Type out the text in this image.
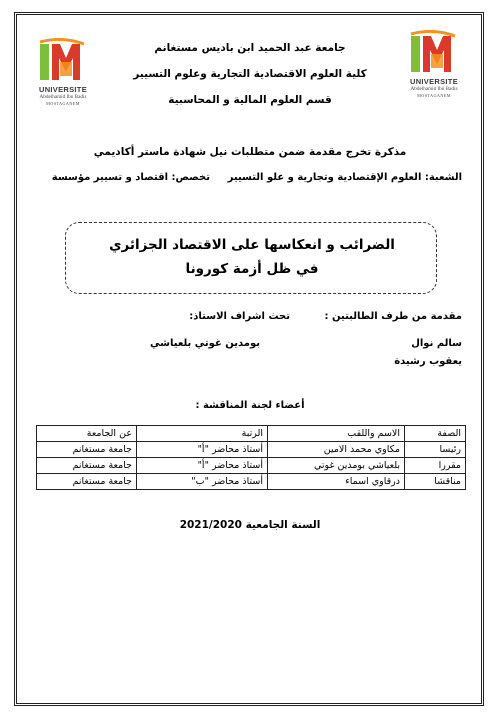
UNIVERSITE
Abdelhamid Ibn Badis
MOSTAGANEM
UNIVERSITE
Abdelhamid Ibn Badis
MOSTAGANEM
جامعة عبد الحميد ابن باديس مستغانم
كلية العلوم الاقتصادية التجارية وعلوم التسيير
قسم العلوم المالية و المحاسبية
مذكرة تخرج مقدمة ضمن متطلبات نيل شهادة ماستر أكاديمي
الشعبة: العلوم الإقتصادية وتجارية و علو التسيير
تخصص: اقتصاد و تسيير مؤسسة
الضرائب و انعكاسها على الاقتصاد الجزائري
في ظل أزمة كورونا
مقدمة من طرف الطالبتين :
تحث اشراف الاستاذ:
سالم نوال
يعقوب رشيدة
بومدين غوتي بلعياشي
أعضاء لجنة المناقشة :
الصفة	الاسم واللقب	الرتبة	عن الجامعة
رئيسا	مكاوي محمد الامين	أستاذ محاضر "أ"	جامعة مستغانم
مقررا	بلعياشي بومدين غوتي	أستاذ محاضر "أ"	جامعة مستغانم
مناقشا	درقاوي اسماء	أستاذ محاضر "ب"	جامعة مستغانم
السنة الجامعية 2021/2020
